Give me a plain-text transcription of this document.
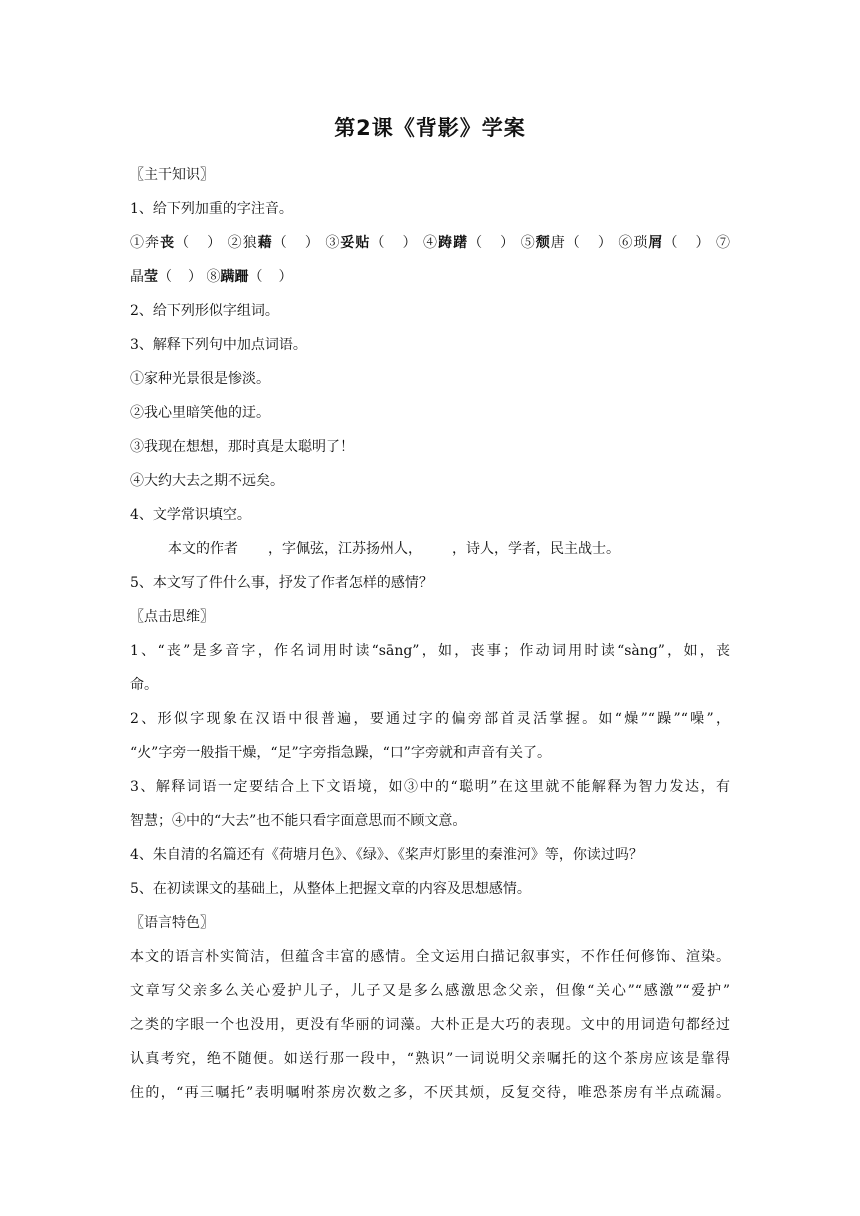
第2课《背影》学案
〖主干知识〗
1、给下列加重的字注音。
①奔丧（ ） ②狼藉（ ） ③妥贴（ ） ④踌躇（ ） ⑤颓唐（ ） ⑥琐屑（ ） ⑦
晶莹（ ） ⑧蹒跚（ ）
2、给下列形似字组词。
3、解释下列句中加点词语。
①家种光景很是惨淡。
②我心里暗笑他的迂。
③我现在想想，那时真是太聪明了！
④大约大去之期不远矣。
4、文学常识填空。
本文的作者 ，字佩弦，江苏扬州人， ，诗人，学者，民主战士。
5、本文写了件什么事，抒发了作者怎样的感情？
〖点击思维〗
1、“丧”是多音字，作名词用时读“sāng”，如，丧事；作动词用时读“sàng”，如，丧
命。
2、形似字现象在汉语中很普遍，要通过字的偏旁部首灵活掌握。如“燥”“躁”“噪”，
“火”字旁一般指干燥，“足”字旁指急躁，“口”字旁就和声音有关了。
3、解释词语一定要结合上下文语境，如③中的“聪明”在这里就不能解释为智力发达，有
智慧；④中的“大去”也不能只看字面意思而不顾文意。
4、朱自清的名篇还有《荷塘月色》、《绿》、《桨声灯影里的秦淮河》等，你读过吗？
5、在初读课文的基础上，从整体上把握文章的内容及思想感情。
〖语言特色〗
本文的语言朴实简洁，但蕴含丰富的感情。全文运用白描记叙事实，不作任何修饰、渲染。
文章写父亲多么关心爱护儿子，儿子又是多么感激思念父亲，但像“关心”“感激”“爱护”
之类的字眼一个也没用，更没有华丽的词藻。大朴正是大巧的表现。文中的用词造句都经过
认真考究，绝不随便。如送行那一段中，“熟识”一词说明父亲嘱托的这个茶房应该是靠得
住的，“再三嘱托”表明嘱咐茶房次数之多，不厌其烦，反复交待，唯恐茶房有半点疏漏。
